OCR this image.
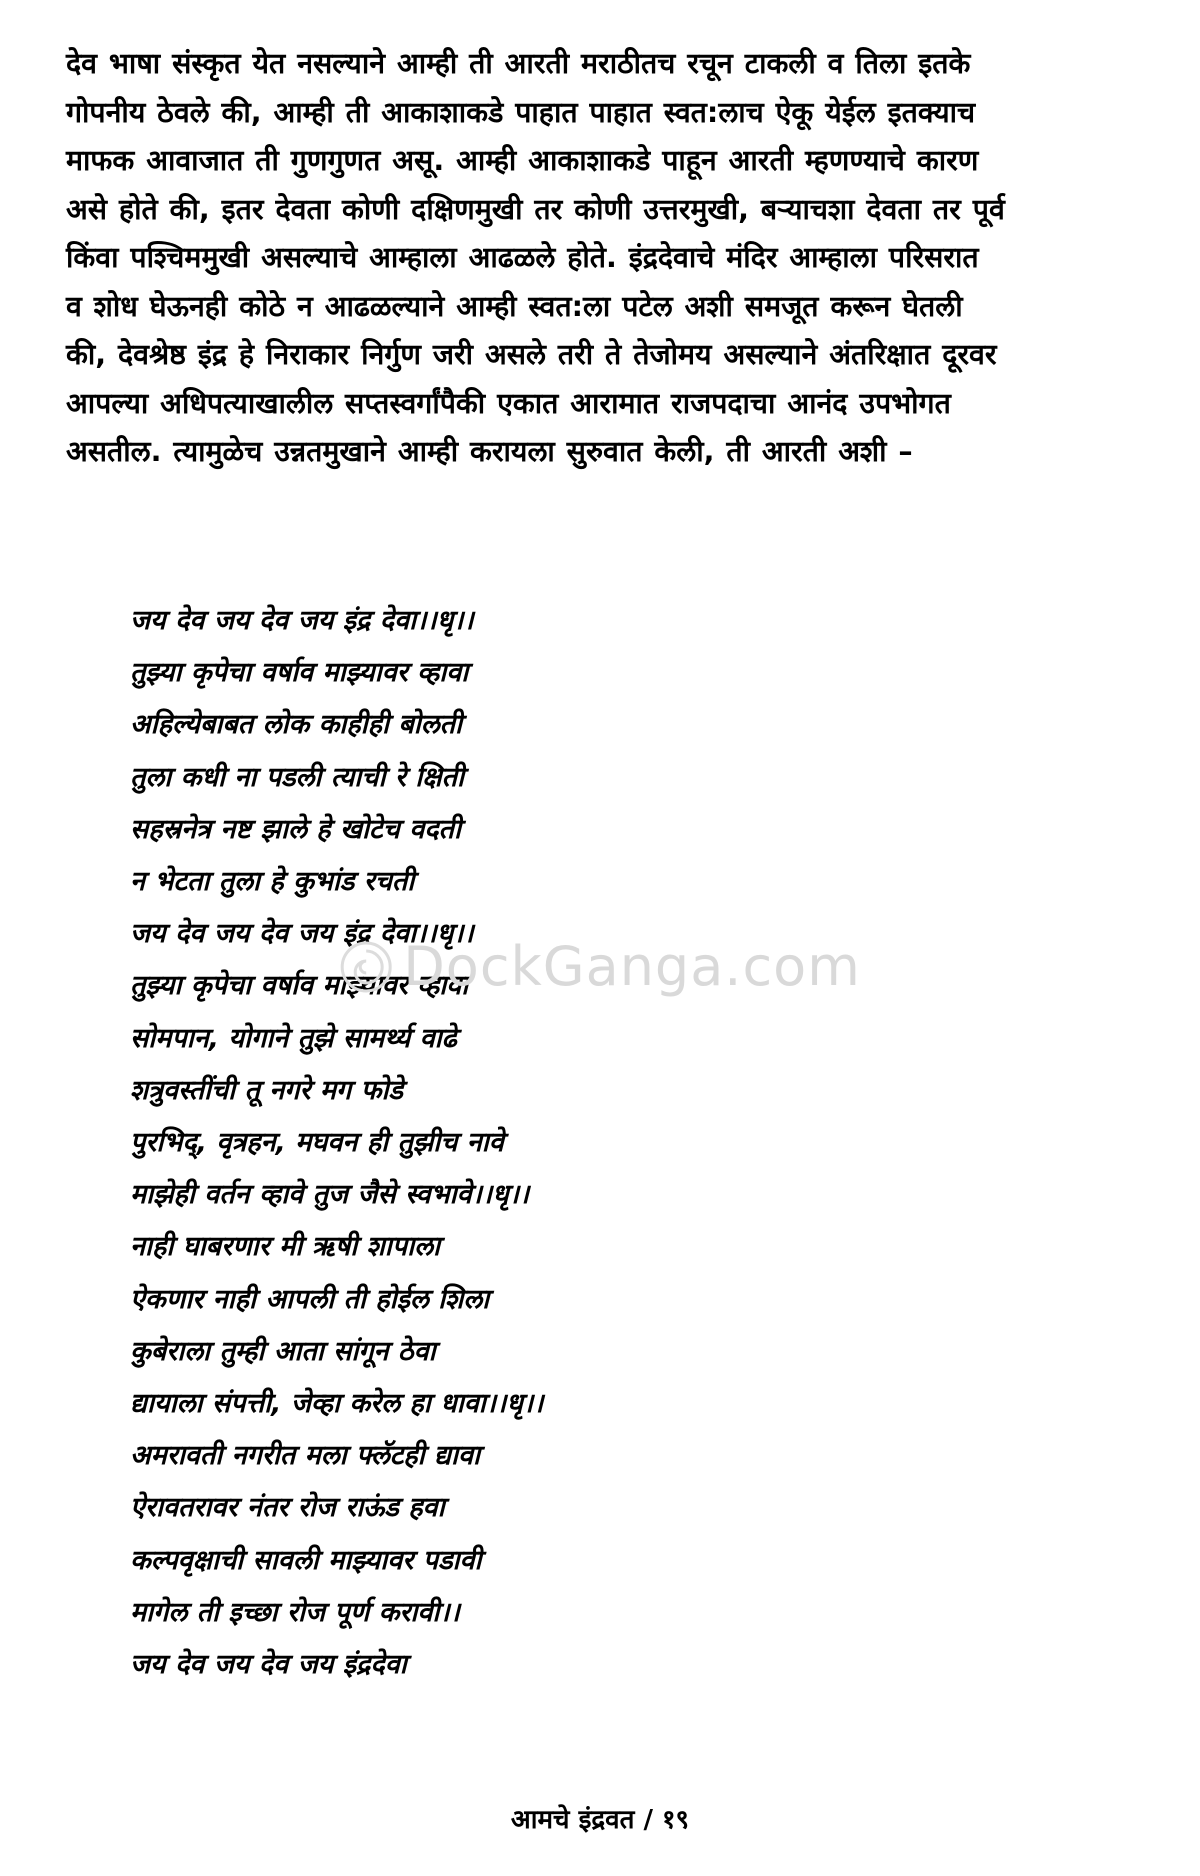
देव भाषा संस्कृत येत नसल्याने आम्ही ती आरती मराठीतच रचून टाकली व तिला इतके
गोपनीय ठेवले की, आम्ही ती आकाशाकडे पाहात पाहात स्वत:लाच ऐकू येईल इतक्याच
माफक आवाजात ती गुणगुणत असू. आम्ही आकाशाकडे पाहून आरती म्हणण्याचे कारण
असे होते की, इतर देवता कोणी दक्षिणमुखी तर कोणी उत्तरमुखी, बऱ्याचशा देवता तर पूर्व
किंवा पश्चिममुखी असल्याचे आम्हाला आढळले होते. इंद्रदेवाचे मंदिर आम्हाला परिसरात
व शोध घेऊनही कोठे न आढळल्याने आम्ही स्वत:ला पटेल अशी समजूत करून घेतली
की, देवश्रेष्ठ इंद्र हे निराकार निर्गुण जरी असले तरी ते तेजोमय असल्याने अंतरिक्षात दूरवर
आपल्या अधिपत्याखालील सप्तस्वर्गांपैकी एकात आरामात राजपदाचा आनंद उपभोगत
असतील. त्यामुळेच उन्नतमुखाने आम्ही करायला सुरुवात केली, ती आरती अशी –
जय देव जय देव जय इंद्र देवा।।धृ।।
तुझ्या कृपेचा वर्षाव माझ्यावर व्हावा
अहिल्येबाबत लोक काहीही बोलती
तुला कधी ना पडली त्याची रे क्षिती
सहस्रनेत्र नष्ट झाले हे खोटेच वदती
न भेटता तुला हे कुभांड रचती
जय देव जय देव जय इंद्र देवा।।धृ।।
तुझ्या कृपेचा वर्षाव माझ्यावर व्हावा
सोमपान, योगाने तुझे सामर्थ्य वाढे
शत्रुवस्तींची तू नगरे मग फोडे
पुरभिद्, वृत्रहन, मघवन ही तुझीच नावे
माझेही वर्तन व्हावे तुज जैसे स्वभावे।।धृ।।
नाही घाबरणार मी ऋषी शापाला
ऐकणार नाही आपली ती होईल शिला
कुबेराला तुम्ही आता सांगून ठेवा
द्यायाला संपत्ती, जेव्हा करेल हा धावा।।धृ।।
अमरावती नगरीत मला फ्लॅटही द्यावा
ऐरावतरावर नंतर रोज राऊंड हवा
कल्पवृक्षाची सावली माझ्यावर पडावी
मागेल ती इच्छा रोज पूर्ण करावी।।
जय देव जय देव जय इंद्रदेवा
DockGanga.com
आमचे इंद्रवत / १९
